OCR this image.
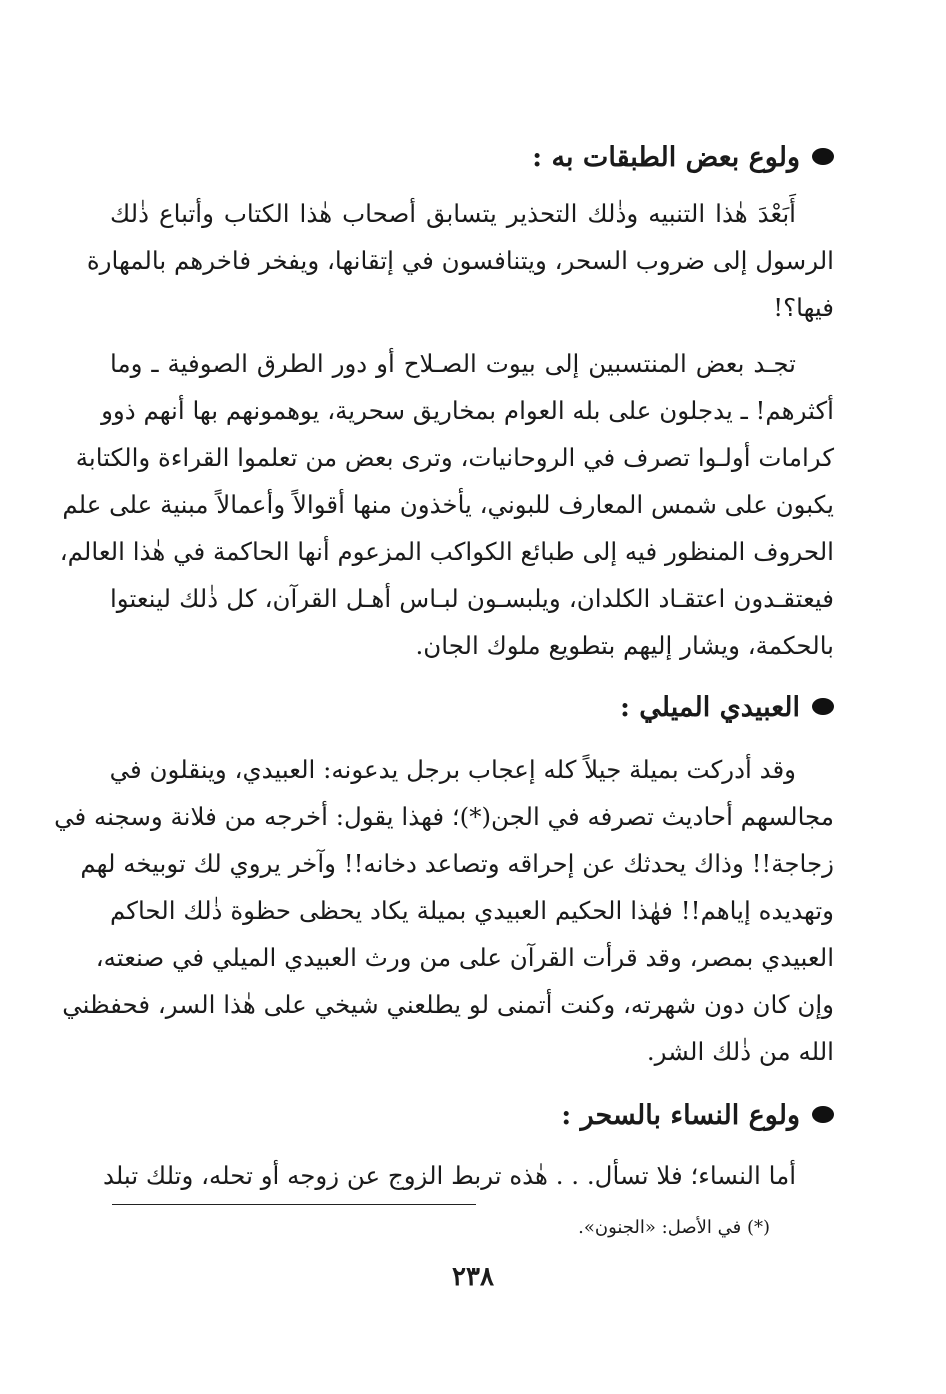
ولوع بعض الطبقات به :
أَبَعْدَ هٰذا التنبيه وذٰلك التحذير يتسابق أصحاب هٰذا الكتاب وأتباع ذٰلك
الرسول إلى ضروب السحر، ويتنافسون في إتقانها، ويفخر فاخرهم بالمهارة
فيها؟!
تجـد بعض المنتسبين إلى بيوت الصـلاح أو دور الطرق الصوفية ـ وما
أكثرهم! ـ يدجلون على بله العوام بمخاريق سحرية، يوهمونهم بها أنهم ذوو
كرامات أولـوا تصرف في الروحانيات، وترى بعض من تعلموا القراءة والكتابة
يكبون على شمس المعارف للبوني، يأخذون منها أقوالاً وأعمالاً مبنية على علم
الحروف المنظور فيه إلى طبائع الكواكب المزعوم أنها الحاكمة في هٰذا العالم،
فيعتقـدون اعتقـاد الكلدان، ويلبسـون لبـاس أهـل القرآن، كل ذٰلك لينعتوا
بالحكمة، ويشار إليهم بتطويع ملوك الجان.
العبيدي الميلي :
وقد أدركت بميلة جيلاً كله إعجاب برجل يدعونه: العبيدي، وينقلون في
مجالسهم أحاديث تصرفه في الجن(*)؛ فهذا يقول: أخرجه من فلانة وسجنه في
زجاجة!! وذاك يحدثك عن إحراقه وتصاعد دخانه!! وآخر يروي لك توبيخه لهم
وتهديده إياهم!! فهٰذا الحكيم العبيدي بميلة يكاد يحظى حظوة ذٰلك الحاكم
العبيدي بمصر، وقد قرأت القرآن على من ورث العبيدي الميلي في صنعته،
وإن كان دون شهرته، وكنت أتمنى لو يطلعني شيخي على هٰذا السر، فحفظني
الله من ذٰلك الشر.
ولوع النساء بالسحر :
أما النساء؛ فلا تسأل. . . هٰذه تربط الزوج عن زوجه أو تحله، وتلك تبلد
(*) في الأصل: «الجنون».
٢٣٨
